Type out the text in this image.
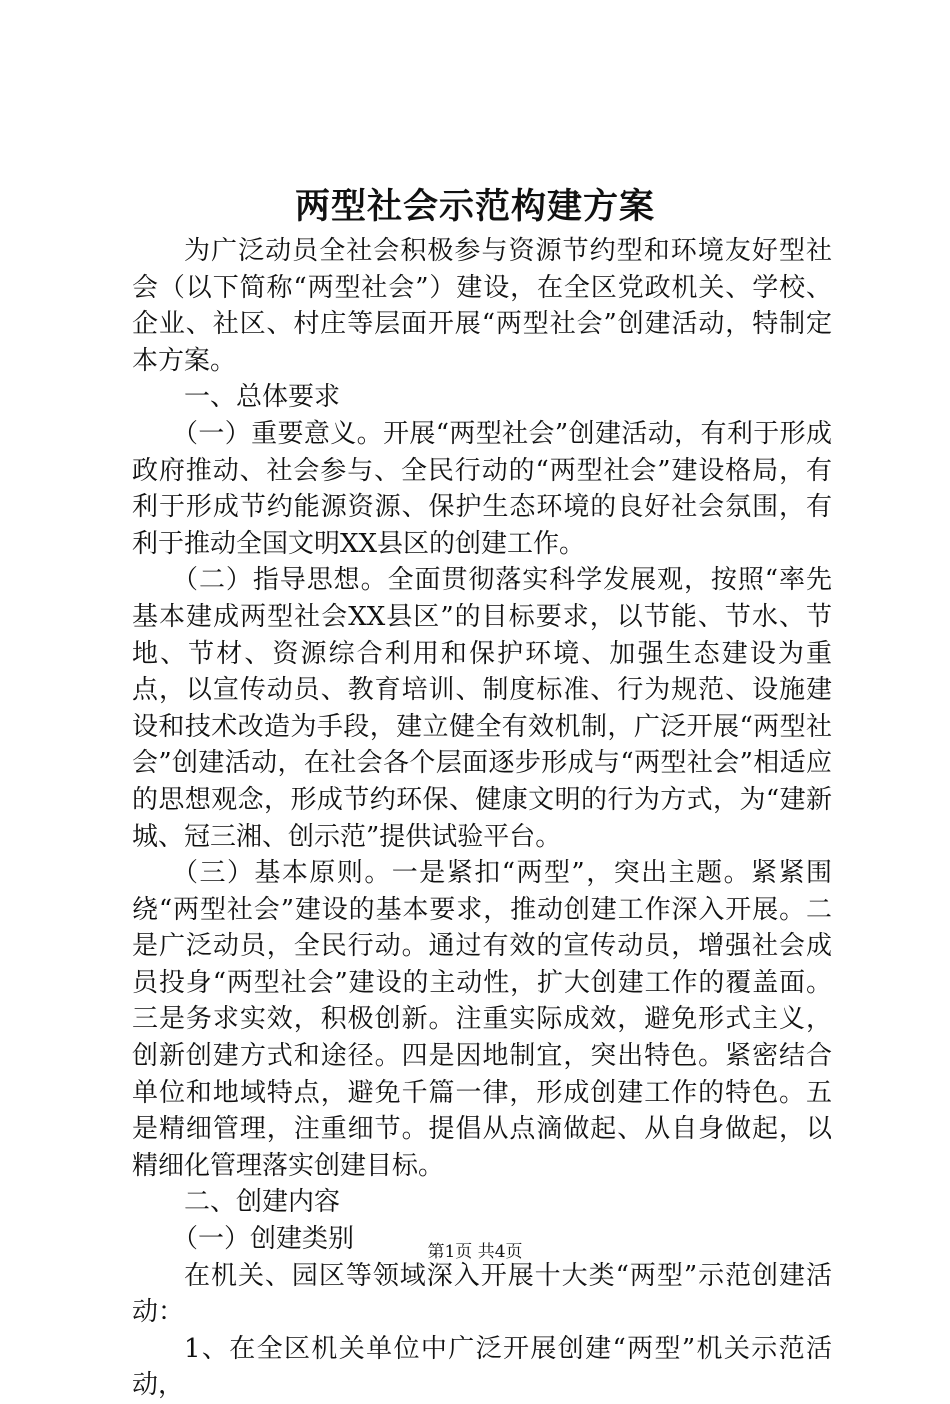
两型社会示范构建方案

为广泛动员全社会积极参与资源节约型和环境友好型社会（以下简称“两型社会”）建设，在全区党政机关、学校、企业、社区、村庄等层面开展“两型社会”创建活动，特制定本方案。

一、总体要求

（一）重要意义。开展“两型社会”创建活动，有利于形成政府推动、社会参与、全民行动的“两型社会”建设格局，有利于形成节约能源资源、保护生态环境的良好社会氛围，有利于推动全国文明XX县区的创建工作。

（二）指导思想。全面贯彻落实科学发展观，按照“率先基本建成两型社会XX县区”的目标要求，以节能、节水、节地、节材、资源综合利用和保护环境、加强生态建设为重点，以宣传动员、教育培训、制度标准、行为规范、设施建设和技术改造为手段，建立健全有效机制，广泛开展“两型社会”创建活动，在社会各个层面逐步形成与“两型社会”相适应的思想观念，形成节约环保、健康文明的行为方式，为“建新城、冠三湘、创示范”提供试验平台。

（三）基本原则。一是紧扣“两型”，突出主题。紧紧围绕“两型社会”建设的基本要求，推动创建工作深入开展。二是广泛动员，全民行动。通过有效的宣传动员，增强社会成员投身“两型社会”建设的主动性，扩大创建工作的覆盖面。三是务求实效，积极创新。注重实际成效，避免形式主义，创新创建方式和途径。四是因地制宜，突出特色。紧密结合单位和地域特点，避免千篇一律，形成创建工作的特色。五是精细管理，注重细节。提倡从点滴做起、从自身做起，以精细化管理落实创建目标。

二、创建内容

（一）创建类别

在机关、园区等领域深入开展十大类“两型”示范创建活动：

1、在全区机关单位中广泛开展创建“两型”机关示范活动，

第1页 共4页
